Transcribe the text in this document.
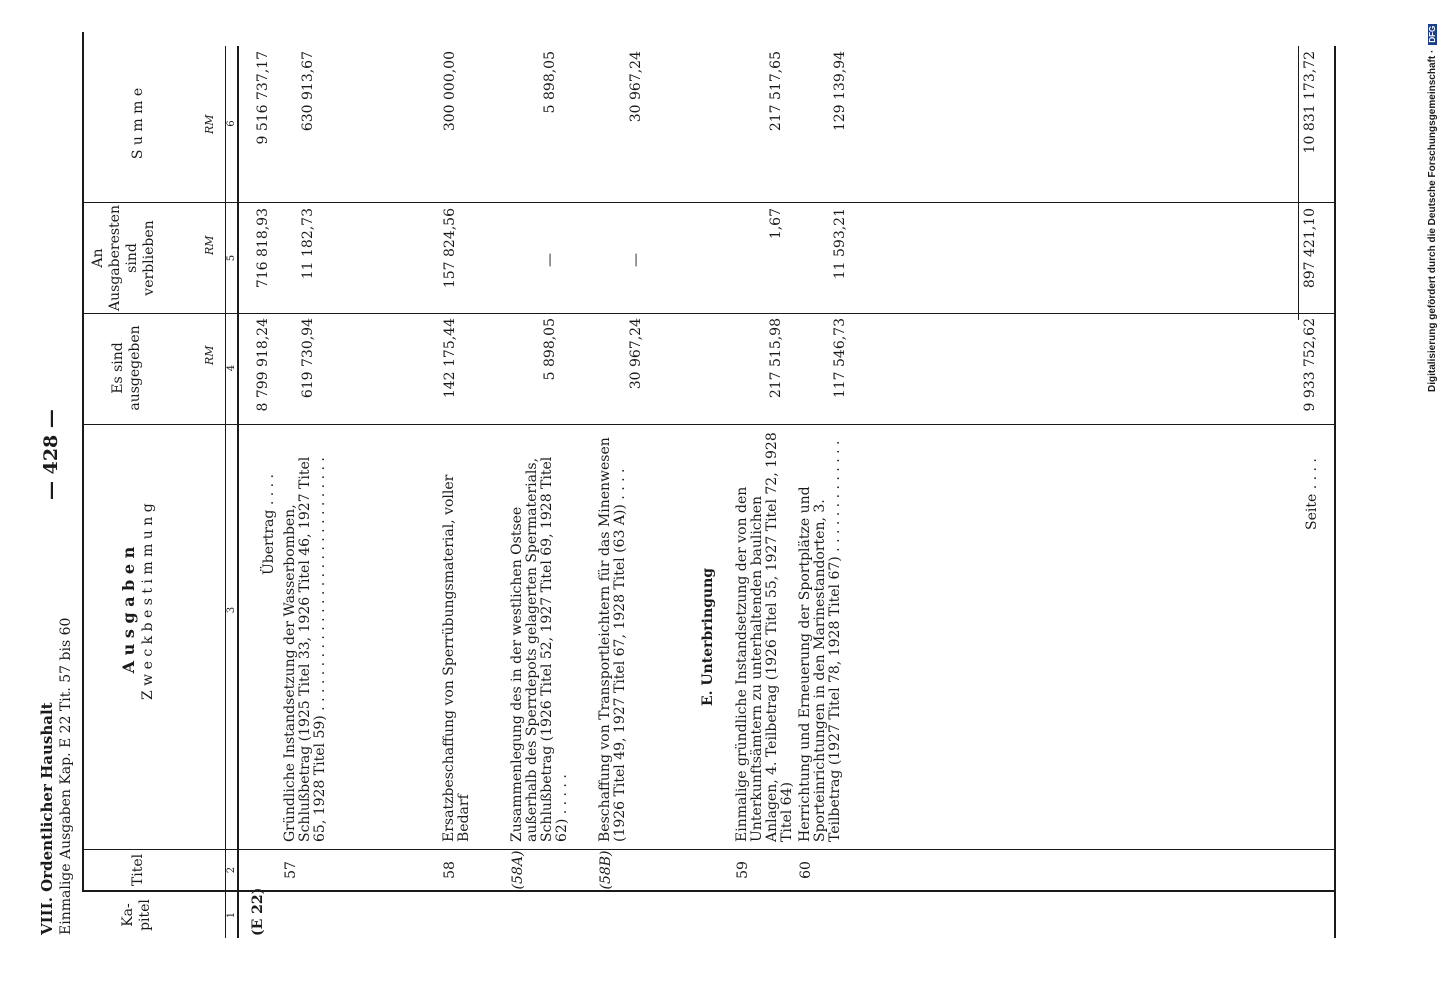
VIII. Ordentlicher Haushalt Einmalige Ausgaben Kap. E 22 Tit. 57 bis 60
— 428 —
Ka-
pitel
Titel
A u s g a b e n Z w e c k b e s t i m m u n g
Es sind
ausgegeben
An
Ausgaberesten
sind verblieben
S u m m e
RM
RM
RM
1
2
3
4
5
6
(E 22)
Übertrag . . . .
8 799 918,24
716 818,93
9 516 737,17
57
Gründliche Instandsetzung der Wasserbomben, Schlußbetrag (1925 Titel 33, 1926 Titel 46, 1927 Titel 65, 1928 Titel 59) . . . . . . . . . . . . . . . . . . . . . . . . . . . . .
619 730,94
11 182,73
630 913,67
58
Ersatzbeschaffung von Sperrübungsmaterial, voller Bedarf
142 175,44
157 824,56
300 000,00
(58A)
Zusammenlegung des in der westlichen Ostsee außerhalb des Sperrdepots gelagerten Spermaterials, Schlußbetrag (1926 Titel 52, 1927 Titel 69, 1928 Titel 62) . . . . .
5 898,05
—
5 898,05
(58B)
Beschaffung von Transportleichtern für das Minenwesen (1926 Titel 49, 1927 Titel 67, 1928 Titel (63 A)) . . . .
30 967,24
—
30 967,24
E. Unterbringung
59
Einmalige gründliche Instandsetzung der von den Unterkunftsämtern zu unterhaltenden baulichen Anlagen, 4. Teilbetrag (1926 Titel 55, 1927 Titel 72, 1928 Titel 64)
217 515,98
1,67
217 517,65
60
Herrichtung und Erneuerung der Sportplätze und Sporteinrichtungen in den Marinestandorten, 3. Teilbetrag (1927 Titel 78, 1928 Titel 67) . . . . . . . . . . . . .
117 546,73
11 593,21
129 139,94
Seite . . . .
9 933 752,62
897 421,10
10 831 173,72	Digitalisierung gefördert durch die Deutsche Forschungsgemeinschaft · DFG
